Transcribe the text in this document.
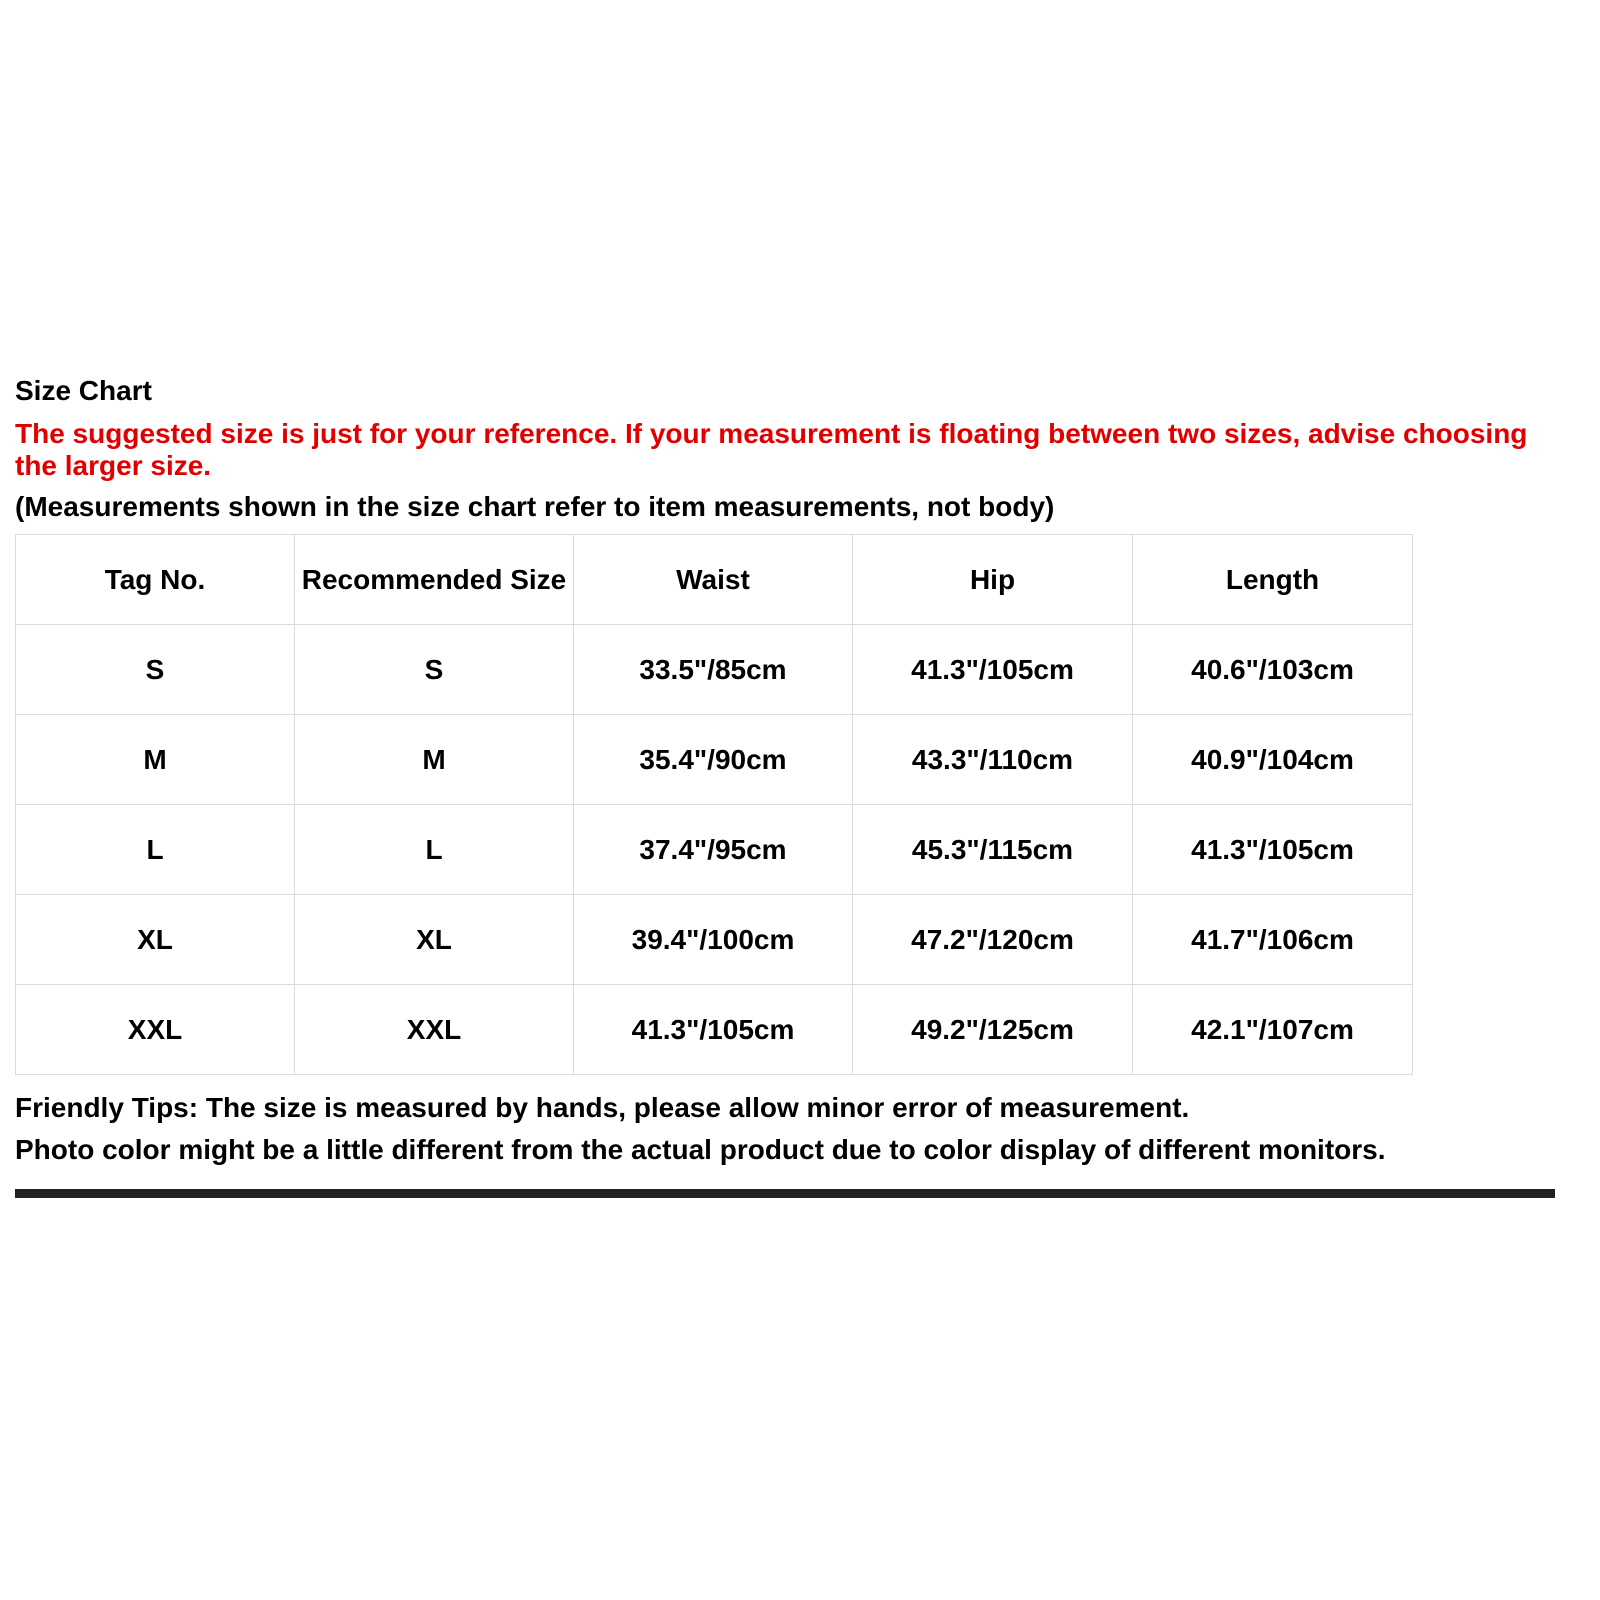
Size Chart

The suggested size is just for your reference. If your measurement is floating between two sizes, advise choosing the larger size.

(Measurements shown in the size chart refer to item measurements, not body)

Tag No.	Recommended Size	Waist	Hip	Length
S	S	33.5"/85cm	41.3"/105cm	40.6"/103cm
M	M	35.4"/90cm	43.3"/110cm	40.9"/104cm
L	L	37.4"/95cm	45.3"/115cm	41.3"/105cm
XL	XL	39.4"/100cm	47.2"/120cm	41.7"/106cm
XXL	XXL	41.3"/105cm	49.2"/125cm	42.1"/107cm
Friendly Tips: The size is measured by hands, please allow minor error of measurement.
Photo color might be a little different from the actual product due to color display of different monitors.
